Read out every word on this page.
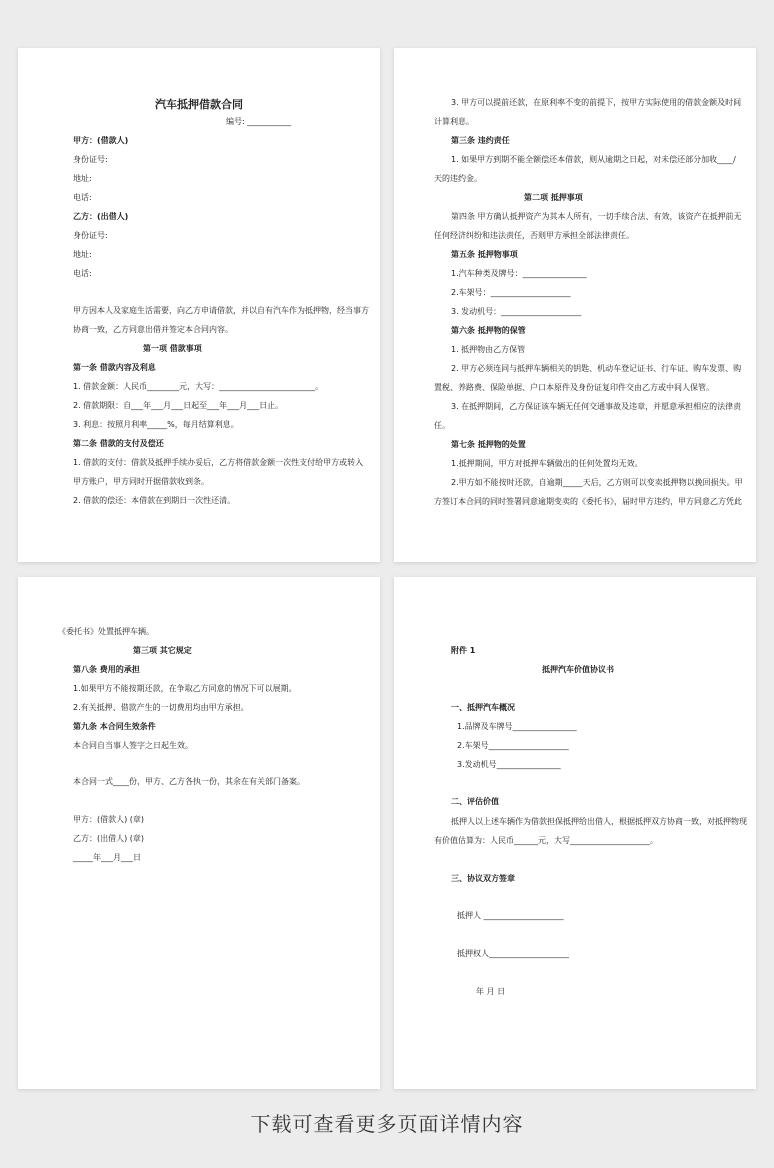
汽车抵押借款合同
编号: ___________
甲方：(借款人)
身份证号:
地址:
电话:
乙方：(出借人)
身份证号:
地址:
电话:
甲方因本人及家庭生活需要，向乙方申请借款，并以自有汽车作为抵押物，经当事方
协商一致，乙方同意出借并签定本合同内容。
第一项 借款事项
第一条 借款内容及利息
1. 借款金额：人民币________元，大写：________________________。
2. 借款期限：自___年___月___日起至___年___月___日止。
3. 利息：按照月利率_____%，每月结算利息。
第二条 借款的支付及偿还
1. 借款的支付：借款及抵押手续办妥后，乙方将借款金额一次性支付给甲方或转入
甲方账户，甲方同时开据借款收到条。
2. 借款的偿还：本借款在到期日一次性还清。
3. 甲方可以提前还款，在原利率不变的前提下，按甲方实际使用的借款金额及时间
计算利息。
第三条 违约责任
1. 如果甲方到期不能全额偿还本借款，则从逾期之日起，对未偿还部分加收____/
天的违约金。
第二项 抵押事项
第四条 甲方确认抵押资产为其本人所有，一切手续合法、有效，该资产在抵押前无
任何经济纠纷和违法责任，否则甲方承担全部法律责任。
第五条 抵押物事项
1.汽车种类及牌号：________________
2.车架号：____________________
3. 发动机号：____________________
第六条 抵押物的保管
1. 抵押物由乙方保管
2. 甲方必须连同与抵押车辆相关的钥匙、机动车登记证书、行车证、购车发票、购
置税、养路费、保险单据、户口本原件及身份证复印件交由乙方或中间人保管。
3. 在抵押期间，乙方保证该车辆无任何交通事故及违章，并愿意承担相应的法律责
任。
第七条 抵押物的处置
1.抵押期间，甲方对抵押车辆做出的任何处置均无效。
2.甲方如不能按时还款，自逾期_____天后，乙方则可以变卖抵押物以挽回损失。甲
方签订本合同的同时签署同意逾期变卖的《委托书》，届时甲方违约，甲方同意乙方凭此
《委托书》处置抵押车辆。
第三项 其它规定
第八条 费用的承担
1.如果甲方不能按期还款，在争取乙方同意的情况下可以展期。
2.有关抵押、借款产生的一切费用均由甲方承担。
第九条 本合同生效条件
本合同自当事人签字之日起生效。
本合同一式____份，甲方、乙方各执一份，其余在有关部门备案。
甲方：(借款人) (章)
乙方：(出借人) (章)
_____年___月___日
附件 1
抵押汽车价值协议书
一、抵押汽车概况
1.品牌及车牌号________________
2.车架号____________________
3.发动机号________________
二、评估价值
抵押人以上述车辆作为借款担保抵押给出借人，根据抵押双方协商一致，对抵押物现
有价值估算为：人民币______元，大写____________________。
三、协议双方签章
抵押人 ____________________
抵押权人____________________
年 月 日
下载可查看更多页面详情内容
